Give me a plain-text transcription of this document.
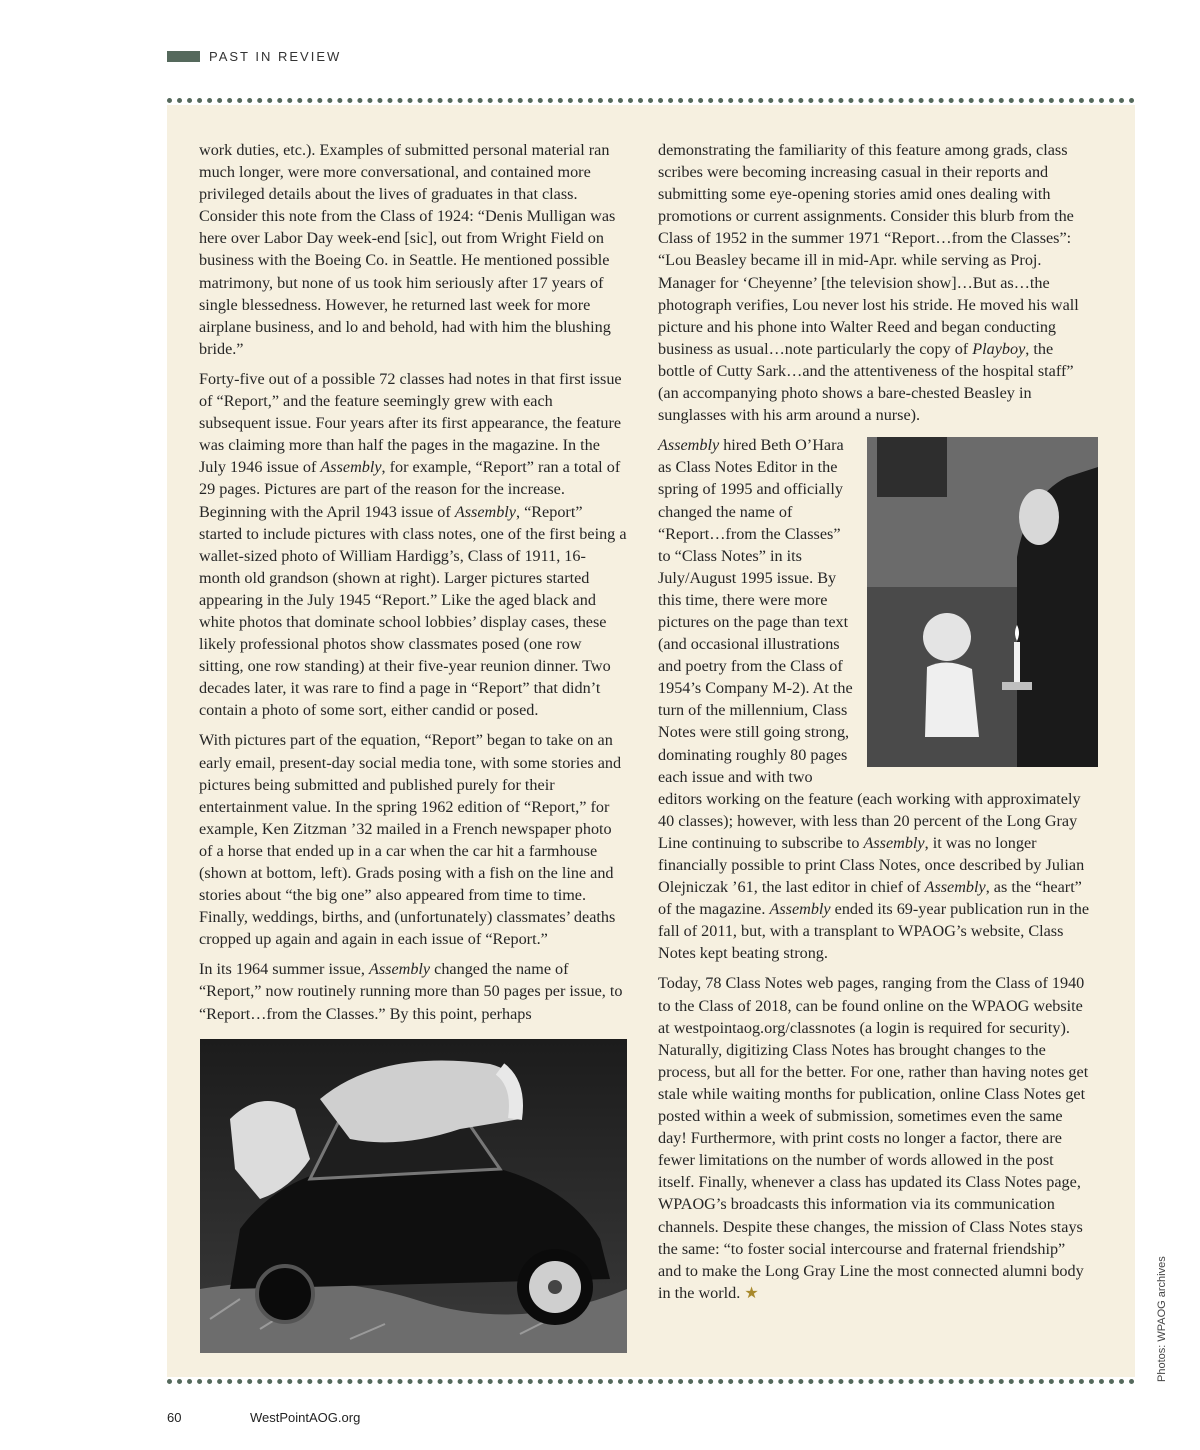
PAST IN REVIEW

work duties, etc.). Examples of submitted personal material ran much longer, were more conversational, and contained more privileged details about the lives of graduates in that class. Consider this note from the Class of 1924: “Denis Mulligan was here over Labor Day week-end [sic], out from Wright Field on business with the Boeing Co. in Seattle. He mentioned possible matrimony, but none of us took him seriously after 17 years of single blessedness. However, he returned last week for more airplane business, and lo and behold, had with him the blushing bride.”

Forty-five out of a possible 72 classes had notes in that first issue of “Report,” and the feature seemingly grew with each subsequent issue. Four years after its first appearance, the feature was claiming more than half the pages in the magazine. In the July 1946 issue of Assembly, for example, “Report” ran a total of 29 pages. Pictures are part of the reason for the increase. Beginning with the April 1943 issue of Assembly, “Report” started to include pictures with class notes, one of the first being a wallet-sized photo of William Hardigg’s, Class of 1911, 16-month old grandson (shown at right). Larger pictures started appearing in the July 1945 “Report.” Like the aged black and white photos that dominate school lobbies’ display cases, these likely professional photos show classmates posed (one row sitting, one row standing) at their five-year reunion dinner. Two decades later, it was rare to find a page in “Report” that didn’t contain a photo of some sort, either candid or posed.

With pictures part of the equation, “Report” began to take on an early email, present-day social media tone, with some stories and pictures being submitted and published purely for their entertainment value. In the spring 1962 edition of “Report,” for example, Ken Zitzman ’32 mailed in a French newspaper photo of a horse that ended up in a car when the car hit a farmhouse (shown at bottom, left). Grads posing with a fish on the line and stories about “the big one” also appeared from time to time. Finally, weddings, births, and (unfortunately) classmates’ deaths cropped up again and again in each issue of “Report.”

In its 1964 summer issue, Assembly changed the name of “Report,” now routinely running more than 50 pages per issue, to “Report…from the Classes.” By this point, perhaps

demonstrating the familiarity of this feature among grads, class scribes were becoming increasing casual in their reports and submitting some eye-opening stories amid ones dealing with promotions or current assignments. Consider this blurb from the Class of 1952 in the summer 1971 “Report…from the Classes”: “Lou Beasley became ill in mid-Apr. while serving as Proj. Manager for ‘Cheyenne’ [the television show]…But as…the photograph verifies, Lou never lost his stride. He moved his wall picture and his phone into Walter Reed and began conducting business as usual…note particularly the copy of Playboy, the bottle of Cutty Sark…and the attentiveness of the hospital staff” (an accompanying photo shows a bare-chested Beasley in sunglasses with his arm around a nurse).

Assembly hired Beth O’Hara as Class Notes Editor in the spring of 1995 and officially changed the name of “Report…from the Classes” to “Class Notes” in its July/August 1995 issue. By this time, there were more pictures on the page than text (and occasional illustrations and poetry from the Class of 1954’s Company M-2). At the turn of the millennium, Class Notes were still going strong, dominating roughly 80 pages each issue and with two editors working on the feature (each working with approximately 40 classes); however, with less than 20 percent of the Long Gray Line continuing to subscribe to Assembly, it was no longer financially possible to print Class Notes, once described by Julian Olejniczak ’61, the last editor in chief of Assembly, as the “heart” of the magazine. Assembly ended its 69-year publication run in the fall of 2011, but, with a transplant to WPAOG’s website, Class Notes kept beating strong.

Today, 78 Class Notes web pages, ranging from the Class of 1940 to the Class of 2018, can be found online on the WPAOG website at westpointaog.org/classnotes (a login is required for security). Naturally, digitizing Class Notes has brought changes to the process, but all for the better. For one, rather than having notes get stale while waiting months for publication, online Class Notes get posted within a week of submission, sometimes even the same day! Furthermore, with print costs no longer a factor, there are fewer limitations on the number of words allowed in the post itself. Finally, whenever a class has updated its Class Notes page, WPAOG’s broadcasts this information via its communication channels. Despite these changes, the mission of Class Notes stays the same: “to foster social intercourse and fraternal friendship” and to make the Long Gray Line the most connected alumni body in the world. ★	Photos: WPAOG archives
60	WestPointAOG.org
